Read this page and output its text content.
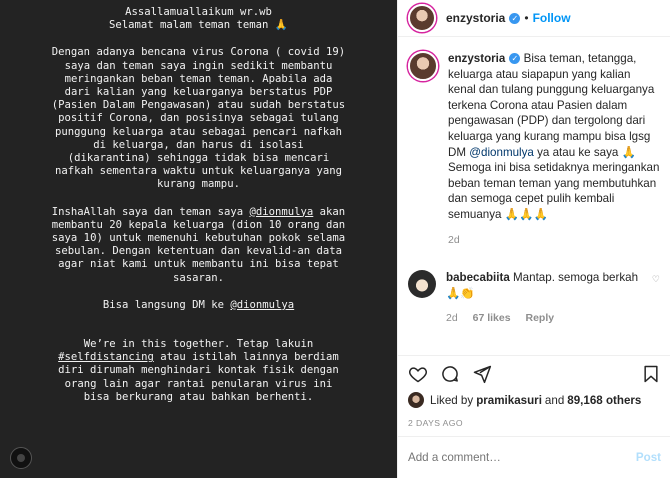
Assallamuallaikum wr.wb
Selamat malam teman teman 🙏

Dengan adanya bencana virus Corona ( covid 19)
saya dan teman saya ingin sedikit membantu
meringankan beban teman teman. Apabila ada
dari kalian yang keluarganya berstatus PDP
(Pasien Dalam Pengawasan) atau sudah berstatus
positif Corona, dan posisinya sebagai tulang
punggung keluarga atau sebagai pencari nafkah
di keluarga, dan harus di isolasi
(dikarantina) sehingga tidak bisa mencari
nafkah sementara waktu untuk keluarganya yang
kurang mampu.

InshaAllah saya dan teman saya @dionmulya akan
membantu 20 kepala keluarga (dion 10 orang dan
saya 10) untuk memenuhi kebutuhan pokok selama
sebulan. Dengan ketentuan dan kevalid-an data
agar niat kami untuk membantu ini bisa tepat
sasaran.

Bisa langsung DM ke @dionmulya

We’re in this together. Tetap lakuin
#selfdistancing atau istilah lainnya berdiam
diri dirumah menghindari kontak fisik dengan
orang lain agar rantai penularan virus ini
bisa berkurang atau bahkan berhenti.

enzystoria ✓ • Follow
enzystoria ✓ Bisa teman, tetangga, keluarga atau siapapun yang kalian kenal dan tulang punggung keluarganya terkena Corona atau Pasien dalam pengawasan (PDP) dan tergolong dari keluarga yang kurang mampu bisa lgsg DM @dionmulya ya atau ke saya 🙏 Semoga ini bisa setidaknya meringankan beban teman teman yang membutuhkan dan semoga cepet pulih kembali semuanya 🙏🙏🙏
2d
babecabiita Mantap. semoga berkah 🙏👏
2d 67 likes Reply
♡
Liked by pramikasuri and 89,168 others
2 DAYS AGO
Add a comment…
Post
